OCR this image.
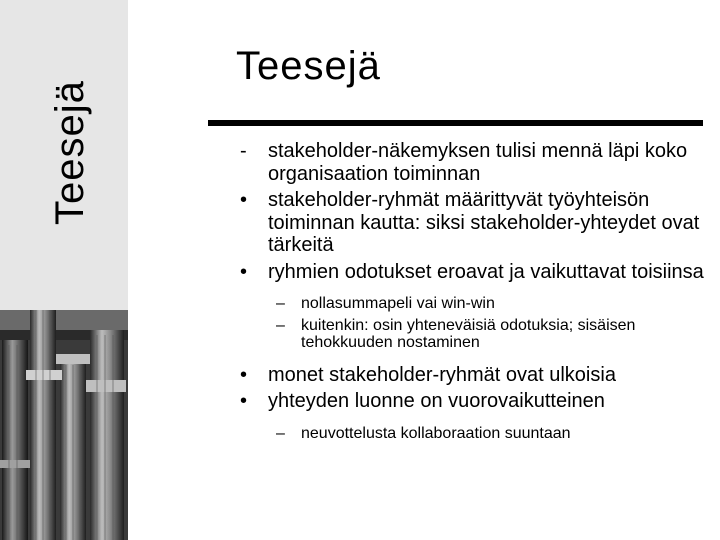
Teesejä
Teesejä
- stakeholder-näkemyksen tulisi mennä läpi koko organisaation toiminnan
• stakeholder-ryhmät määrittyvät työyhteisön toiminnan kautta: siksi stakeholder-yhteydet ovat tärkeitä
• ryhmien odotukset eroavat ja vaikuttavat toisiinsa
– nollasummapeli vai win-win
– kuitenkin: osin yhteneväisiä odotuksia; sisäisen tehokkuuden nostaminen
• monet stakeholder-ryhmät ovat ulkoisia
• yhteyden luonne on vuorovaikutteinen
– neuvottelusta kollaboraation suuntaan
